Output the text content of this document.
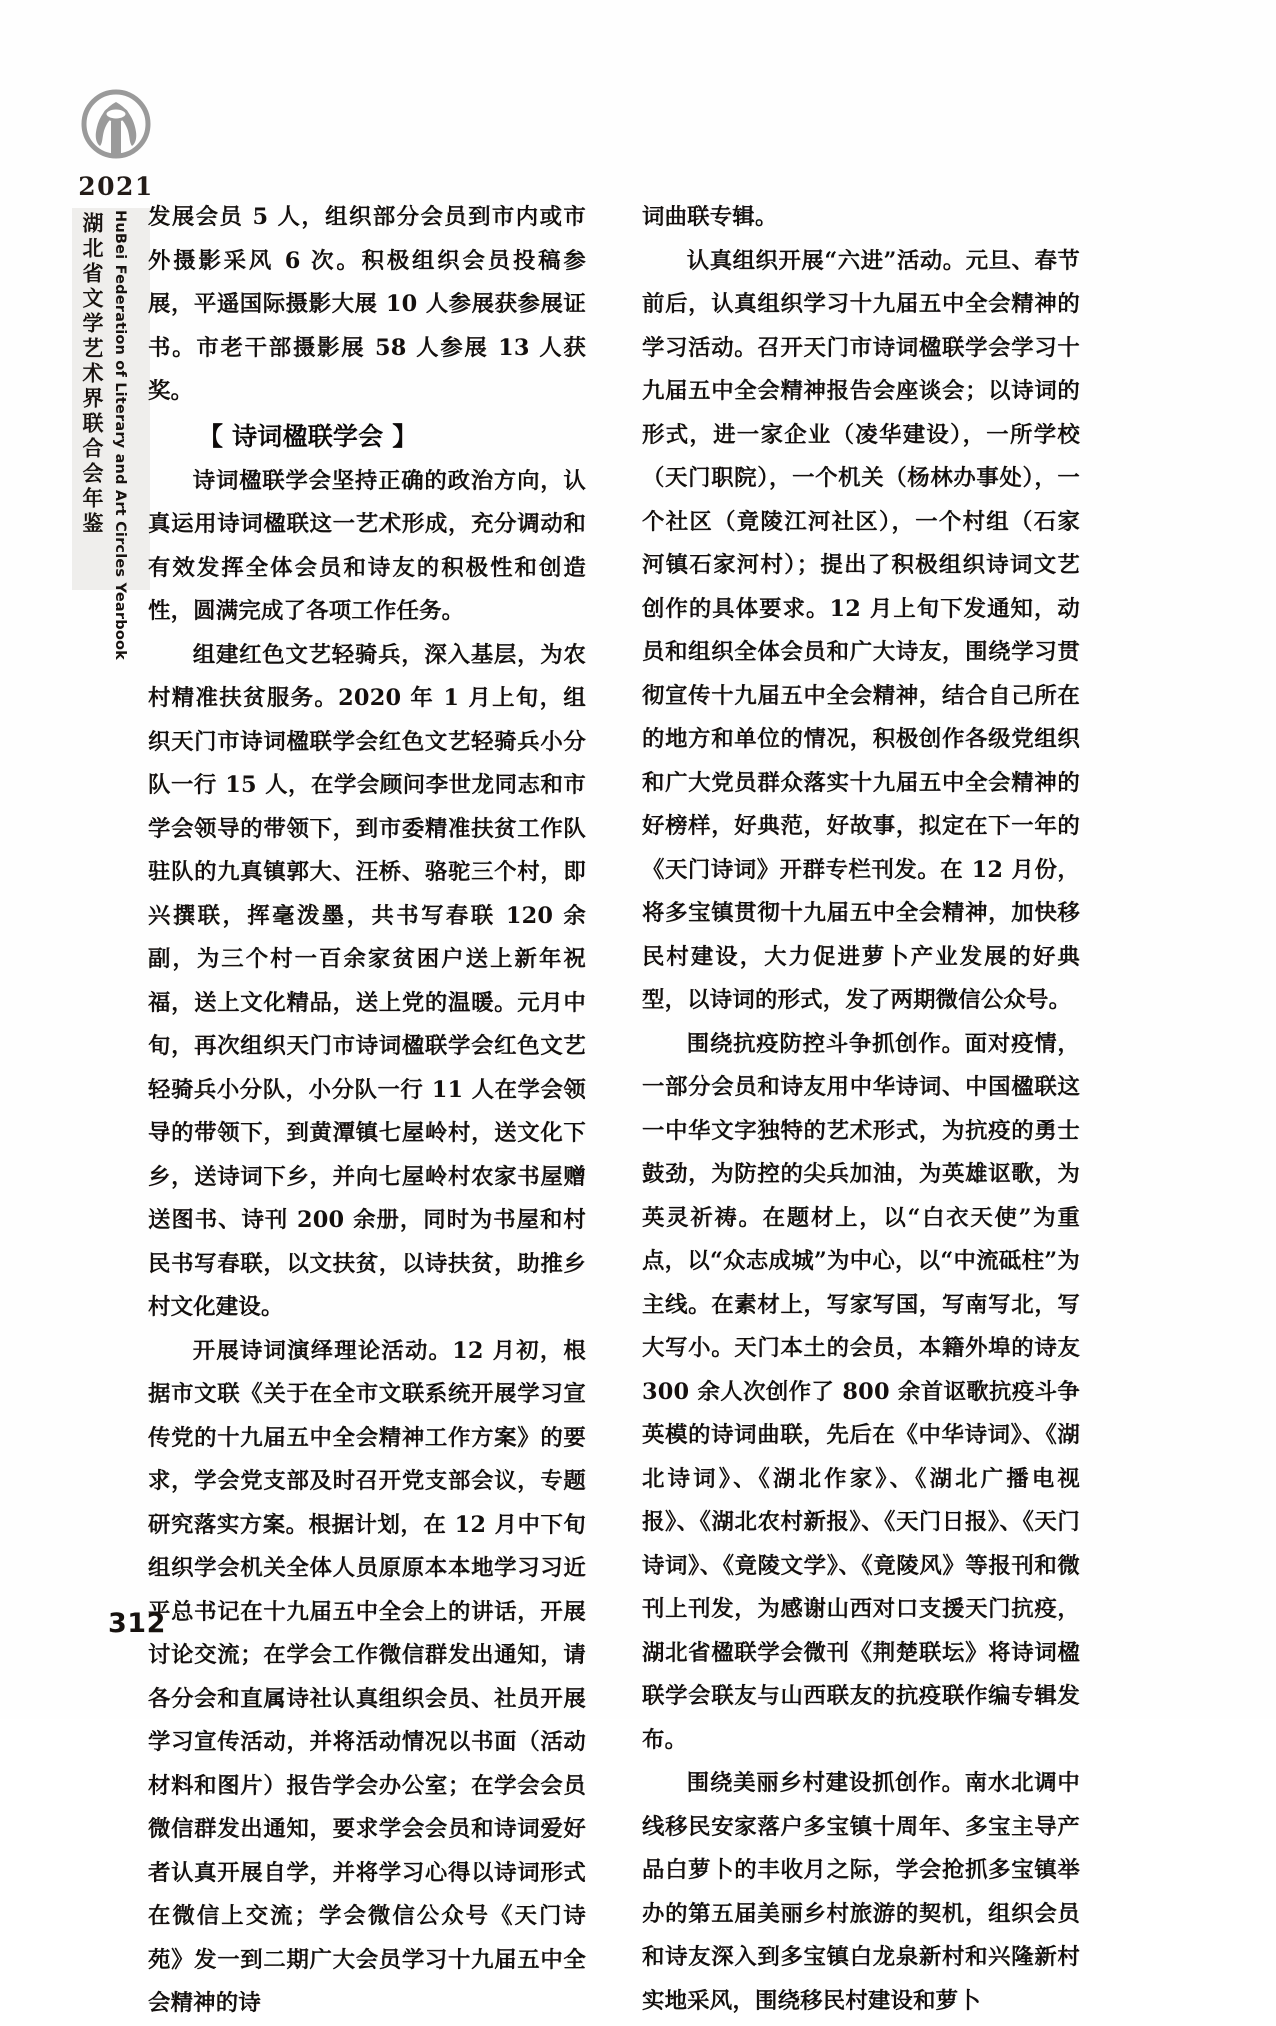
2021
湖北省文学艺术界联合会年鉴 HuBei Federation of Literary and Art Circles Yearbook 发展会员 5 人，组织部分会员到市内或市外摄影采风 6 次。积极组织会员投稿参展，平遥国际摄影大展 10 人参展获参展证书。市老干部摄影展 58 人参展 13 人获奖。

【 诗词楹联学会 】

诗词楹联学会坚持正确的政治方向，认真运用诗词楹联这一艺术形成，充分调动和有效发挥全体会员和诗友的积极性和创造性，圆满完成了各项工作任务。

组建红色文艺轻骑兵，深入基层，为农村精准扶贫服务。2020 年 1 月上旬，组织天门市诗词楹联学会红色文艺轻骑兵小分队一行 15 人，在学会顾问李世龙同志和市学会领导的带领下，到市委精准扶贫工作队驻队的九真镇郭大、汪桥、骆驼三个村，即兴撰联，挥毫泼墨，共书写春联 120 余副，为三个村一百余家贫困户送上新年祝福，送上文化精品，送上党的温暖。元月中旬，再次组织天门市诗词楹联学会红色文艺轻骑兵小分队，小分队一行 11 人在学会领导的带领下，到黄潭镇七屋岭村，送文化下乡，送诗词下乡，并向七屋岭村农家书屋赠送图书、诗刊 200 余册，同时为书屋和村民书写春联，以文扶贫，以诗扶贫，助推乡村文化建设。

开展诗词演绎理论活动。12 月初，根据市文联《关于在全市文联系统开展学习宣传党的十九届五中全会精神工作方案》的要求，学会党支部及时召开党支部会议，专题研究落实方案。根据计划，在 12 月中下旬组织学会机关全体人员原原本本地学习习近平总书记在十九届五中全会上的讲话，开展讨论交流；在学会工作微信群发出通知，请各分会和直属诗社认真组织会员、社员开展学习宣传活动，并将活动情况以书面（活动材料和图片）报告学会办公室；在学会会员微信群发出通知，要求学会会员和诗词爱好者认真开展自学，并将学习心得以诗词形式在微信上交流；学会微信公众号《天门诗苑》发一到二期广大会员学习十九届五中全会精神的诗

词曲联专辑。

认真组织开展“六进”活动。元旦、春节前后，认真组织学习十九届五中全会精神的学习活动。召开天门市诗词楹联学会学习十九届五中全会精神报告会座谈会；以诗词的形式，进一家企业（凌华建设），一所学校（天门职院），一个机关（杨林办事处），一个社区（竟陵江河社区），一个村组（石家河镇石家河村）；提出了积极组织诗词文艺创作的具体要求。12 月上旬下发通知，动员和组织全体会员和广大诗友，围绕学习贯彻宣传十九届五中全会精神，结合自己所在的地方和单位的情况，积极创作各级党组织和广大党员群众落实十九届五中全会精神的好榜样，好典范，好故事，拟定在下一年的《天门诗词》开群专栏刊发。在 12 月份，将多宝镇贯彻十九届五中全会精神，加快移民村建设，大力促进萝卜产业发展的好典型，以诗词的形式，发了两期微信公众号。

围绕抗疫防控斗争抓创作。面对疫情，一部分会员和诗友用中华诗词、中国楹联这一中华文字独特的艺术形式，为抗疫的勇士鼓劲，为防控的尖兵加油，为英雄讴歌，为英灵祈祷。在题材上，以“白衣天使”为重点，以“众志成城”为中心，以“中流砥柱”为主线。在素材上，写家写国，写南写北，写大写小。天门本土的会员，本籍外埠的诗友 300 余人次创作了 800 余首讴歌抗疫斗争英模的诗词曲联，先后在《中华诗词》、《湖北诗词》、《湖北作家》、《湖北广播电视报》、《湖北农村新报》、《天门日报》、《天门诗词》、《竟陵文学》、《竟陵风》等报刊和微刊上刊发，为感谢山西对口支援天门抗疫，湖北省楹联学会微刊《荆楚联坛》将诗词楹联学会联友与山西联友的抗疫联作编专辑发布。

围绕美丽乡村建设抓创作。南水北调中线移民安家落户多宝镇十周年、多宝主导产品白萝卜的丰收月之际，学会抢抓多宝镇举办的第五届美丽乡村旅游的契机，组织会员和诗友深入到多宝镇白龙泉新村和兴隆新村实地采风，围绕移民村建设和萝卜

312
